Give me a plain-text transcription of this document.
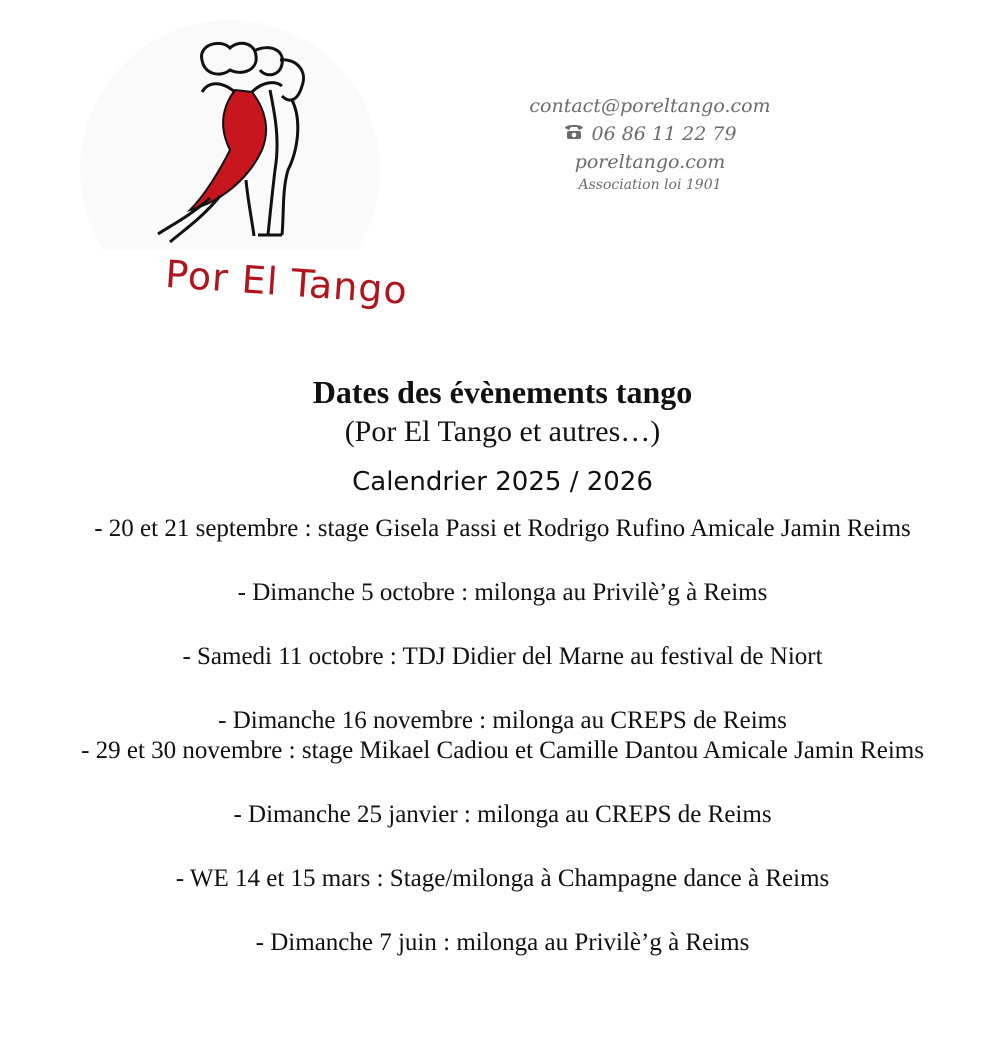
Por El Tango
contact@poreltango.com
06 86 11 22 79
poreltango.com
Association loi 1901
Dates des évènements tango
(Por El Tango et autres…)
Calendrier 2025 / 2026
- 20 et 21 septembre : stage Gisela Passi et Rodrigo Rufino Amicale Jamin Reims
- Dimanche 5 octobre : milonga au Privilè’g à Reims
- Samedi 11 octobre : TDJ Didier del Marne au festival de Niort
- Dimanche 16 novembre : milonga au CREPS de Reims
- 29 et 30 novembre : stage Mikael Cadiou et Camille Dantou Amicale Jamin Reims
- Dimanche 25 janvier : milonga au CREPS de Reims
- WE 14 et 15 mars : Stage/milonga à Champagne dance à Reims
- Dimanche 7 juin : milonga au Privilè’g à Reims
